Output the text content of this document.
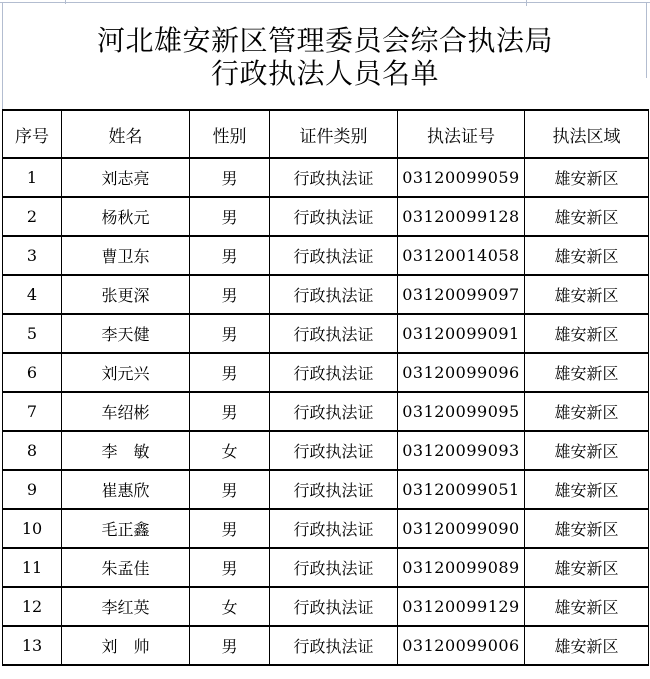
河北雄安新区管理委员会综合执法局
行政执法人员名单
序号	姓名	性别	证件类别	执法证号	执法区域
1	刘志亮	男	行政执法证	03120099059	雄安新区
2	杨秋元	男	行政执法证	03120099128	雄安新区
3	曹卫东	男	行政执法证	03120014058	雄安新区
4	张更深	男	行政执法证	03120099097	雄安新区
5	李天健	男	行政执法证	03120099091	雄安新区
6	刘元兴	男	行政执法证	03120099096	雄安新区
7	车绍彬	男	行政执法证	03120099095	雄安新区
8	李　敏	女	行政执法证	03120099093	雄安新区
9	崔惠欣	男	行政执法证	03120099051	雄安新区
10	毛正鑫	男	行政执法证	03120099090	雄安新区
11	朱孟佳	男	行政执法证	03120099089	雄安新区
12	李红英	女	行政执法证	03120099129	雄安新区
13	刘　帅	男	行政执法证	03120099006	雄安新区
